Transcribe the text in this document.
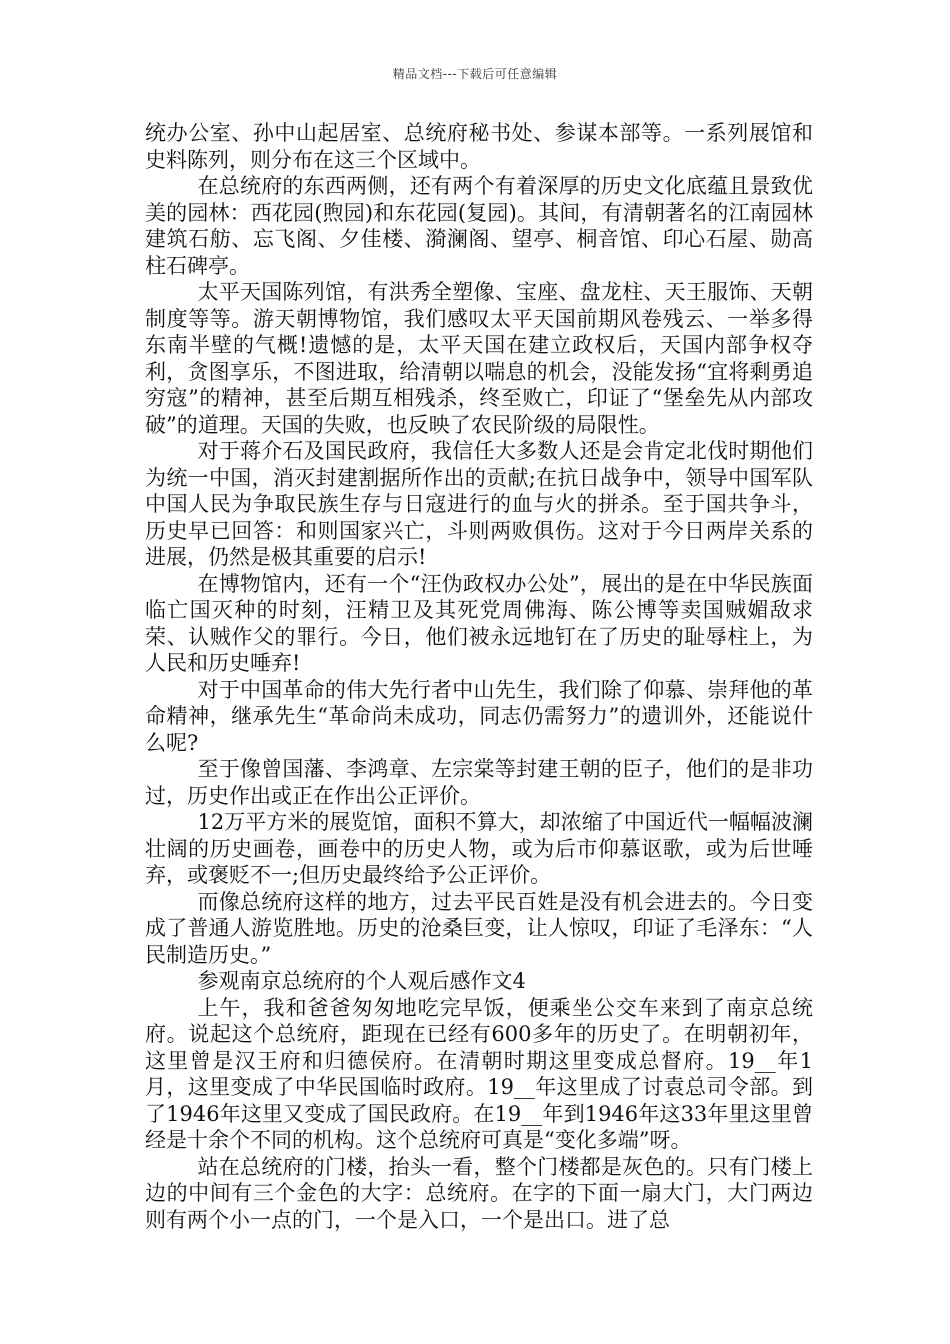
精品文档---下载后可任意编辑

统办公室、孙中山起居室、总统府秘书处、参谋本部等。一系列展馆和史料陈列，则分布在这三个区域中。

在总统府的东西两侧，还有两个有着深厚的历史文化底蕴且景致优美的园林：西花园(煦园)和东花园(复园)。其间，有清朝著名的江南园林建筑石舫、忘飞阁、夕佳楼、漪澜阁、望亭、桐音馆、印心石屋、勋高柱石碑亭。

太平天国陈列馆，有洪秀全塑像、宝座、盘龙柱、天王服饰、天朝制度等等。游天朝博物馆，我们感叹太平天国前期风卷残云、一举多得东南半壁的气概!遗憾的是，太平天国在建立政权后，天国内部争权夺利，贪图享乐，不图进取，给清朝以喘息的机会，没能发扬“宜将剩勇追穷寇”的精神，甚至后期互相残杀，终至败亡，印证了“堡垒先从内部攻破”的道理。天国的失败，也反映了农民阶级的局限性。

对于蒋介石及国民政府，我信任大多数人还是会肯定北伐时期他们为统一中国，消灭封建割据所作出的贡献;在抗日战争中，领导中国军队中国人民为争取民族生存与日寇进行的血与火的拼杀。至于国共争斗，历史早已回答：和则国家兴亡，斗则两败俱伤。这对于今日两岸关系的进展，仍然是极其重要的启示!

在博物馆内，还有一个“汪伪政权办公处”，展出的是在中华民族面临亡国灭种的时刻，汪精卫及其死党周佛海、陈公博等卖国贼媚敌求荣、认贼作父的罪行。今日，他们被永远地钉在了历史的耻辱柱上，为人民和历史唾弃!

对于中国革命的伟大先行者中山先生，我们除了仰慕、崇拜他的革命精神，继承先生“革命尚未成功，同志仍需努力”的遗训外，还能说什么呢?

至于像曾国藩、李鸿章、左宗棠等封建王朝的臣子，他们的是非功过，历史作出或正在作出公正评价。

12万平方米的展览馆，面积不算大，却浓缩了中国近代一幅幅波澜壮阔的历史画卷，画卷中的历史人物，或为后市仰慕讴歌，或为后世唾弃，或褒贬不一;但历史最终给予公正评价。

而像总统府这样的地方，过去平民百姓是没有机会进去的。今日变成了普通人游览胜地。历史的沧桑巨变，让人惊叹，印证了毛泽东：“人民制造历史。”

参观南京总统府的个人观后感作文4

上午，我和爸爸匆匆地吃完早饭，便乘坐公交车来到了南京总统府。说起这个总统府，距现在已经有600多年的历史了。在明朝初年，这里曾是汉王府和归德侯府。在清朝时期这里变成总督府。19__年1月，这里变成了中华民国临时政府。19__年这里成了讨袁总司令部。到了1946年这里又变成了国民政府。在19__年到1946年这33年里这里曾经是十余个不同的机构。这个总统府可真是“变化多端”呀。

站在总统府的门楼，抬头一看，整个门楼都是灰色的。只有门楼上边的中间有三个金色的大字：总统府。在字的下面一扇大门，大门两边则有两个小一点的门，一个是入口，一个是出口。进了总
